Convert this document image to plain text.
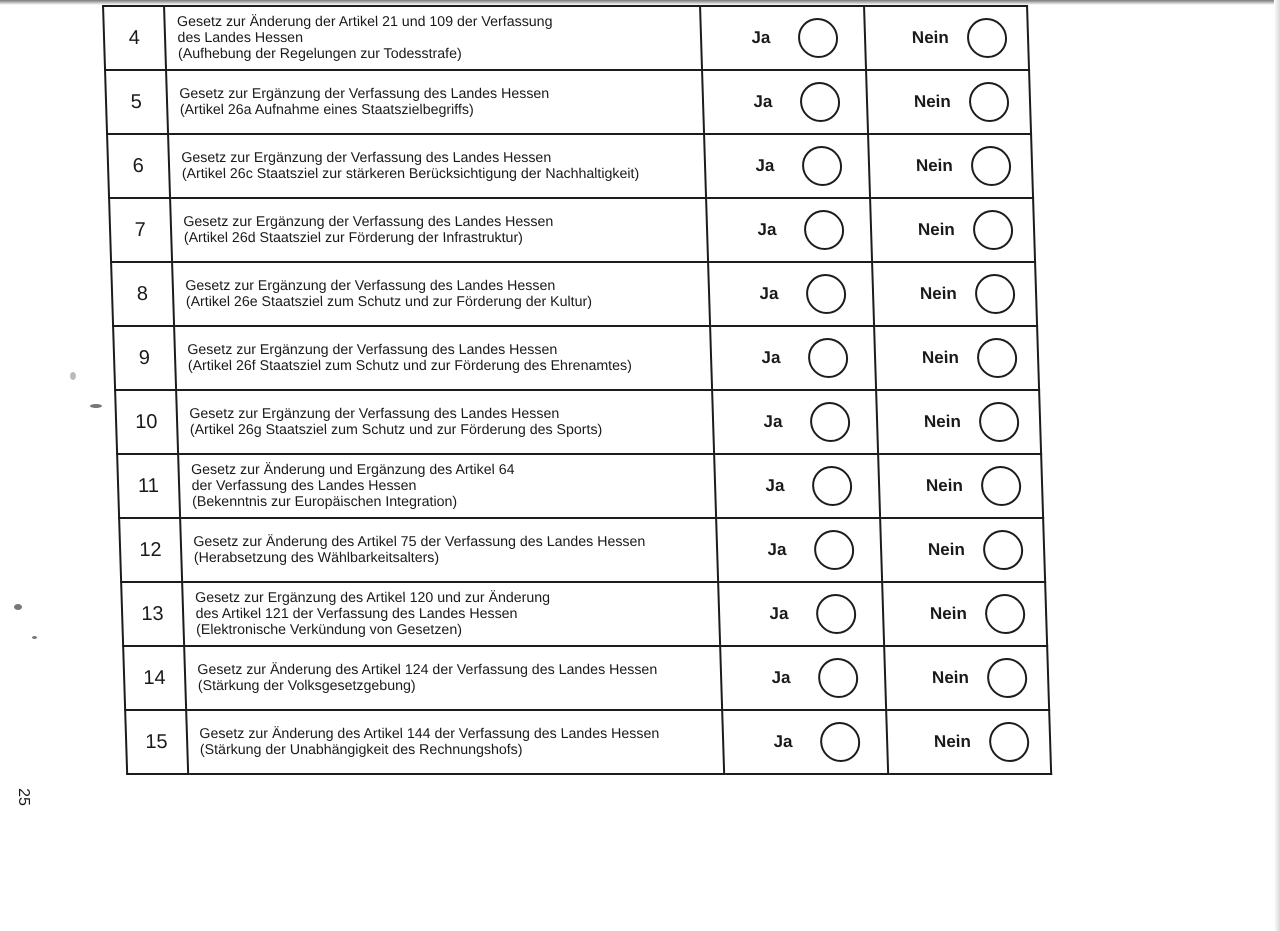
4	Gesetz zur Änderung der Artikel 21 und 109 der Verfassung
des Landes Hessen
(Aufhebung der Regelungen zur Todesstrafe)	Ja	Nein

5	Gesetz zur Ergänzung der Verfassung des Landes Hessen
(Artikel 26a Aufnahme eines Staatszielbegriffs)	Ja	Nein

6	Gesetz zur Ergänzung der Verfassung des Landes Hessen
(Artikel 26c Staatsziel zur stärkeren Berücksichtigung der Nachhaltigkeit)	Ja	Nein

7	Gesetz zur Ergänzung der Verfassung des Landes Hessen
(Artikel 26d Staatsziel zur Förderung der Infrastruktur)	Ja	Nein

8	Gesetz zur Ergänzung der Verfassung des Landes Hessen
(Artikel 26e Staatsziel zum Schutz und zur Förderung der Kultur)	Ja	Nein

9	Gesetz zur Ergänzung der Verfassung des Landes Hessen
(Artikel 26f Staatsziel zum Schutz und zur Förderung des Ehrenamtes)	Ja	Nein

10	Gesetz zur Ergänzung der Verfassung des Landes Hessen
(Artikel 26g Staatsziel zum Schutz und zur Förderung des Sports)	Ja	Nein

11	Gesetz zur Änderung und Ergänzung des Artikel 64
der Verfassung des Landes Hessen
(Bekenntnis zur Europäischen Integration)	Ja	Nein

12	Gesetz zur Änderung des Artikel 75 der Verfassung des Landes Hessen
(Herabsetzung des Wählbarkeitsalters)	Ja	Nein

13	Gesetz zur Ergänzung des Artikel 120 und zur Änderung
des Artikel 121 der Verfassung des Landes Hessen
(Elektronische Verkündung von Gesetzen)	Ja	Nein

14	Gesetz zur Änderung des Artikel 124 der Verfassung des Landes Hessen
(Stärkung der Volksgesetzgebung)	Ja	Nein

15	Gesetz zur Änderung des Artikel 144 der Verfassung des Landes Hessen
(Stärkung der Unabhängigkeit des Rechnungshofs)	Ja	Nein
25
